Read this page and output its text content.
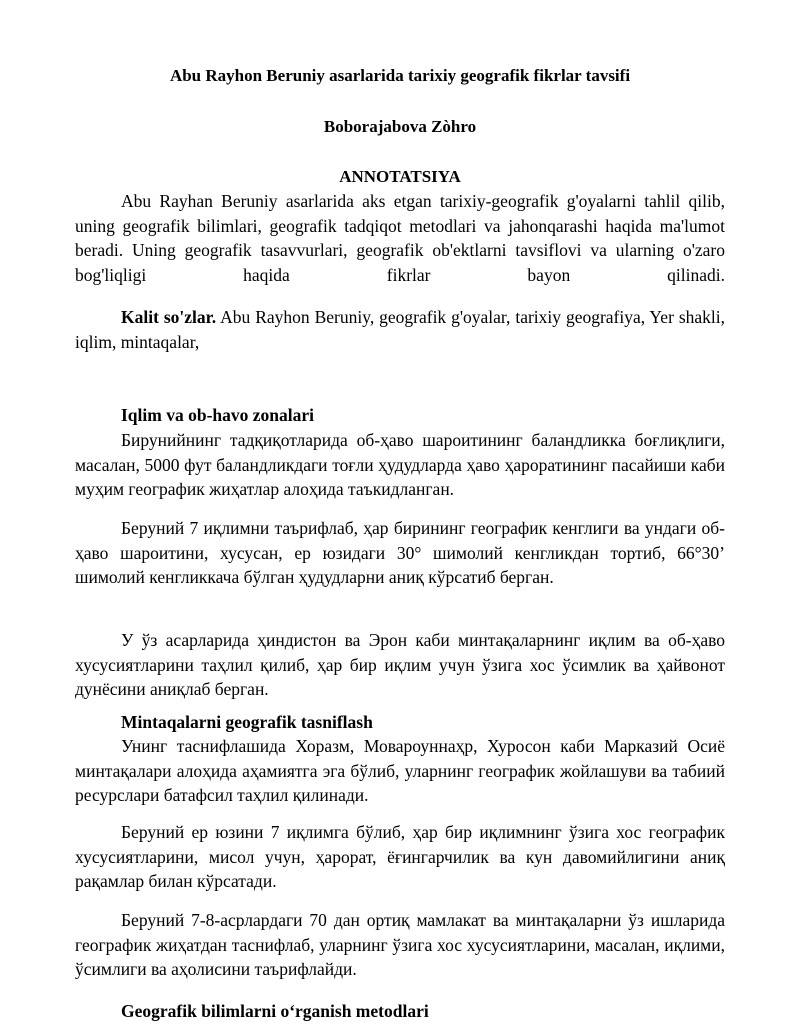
Abu Rayhon Beruniy asarlarida tarixiy geografik fikrlar tavsifi
Boborajabova Zòhro
ANNOTATSIYA
Abu Rayhan Beruniy asarlarida aks etgan tarixiy-geografik g'oyalarni tahlil qilib, uning geografik bilimlari, geografik tadqiqot metodlari va jahonqarashi haqida ma'lumot beradi. Uning geografik tasavvurlari, geografik ob'ektlarni tavsiflovi va ularning o'zaro bog'liqligi haqida fikrlar bayon qilinadi.
Kalit so'zlar. Abu Rayhon Beruniy, geografik g'oyalar, tarixiy geografiya, Yer shakli, iqlim, mintaqalar,
Iqlim va ob-havo zonalari
Бирунийнинг тадқиқотларида об-ҳаво шароитининг баландликка боғлиқлиги, масалан, 5000 фут баландликдаги тоғли ҳудудларда ҳаво ҳароратининг пасайиши каби муҳим географик жиҳатлар алоҳида таъкидланган.
Беруний 7 иқлимни таърифлаб, ҳар бирининг географик кенглиги ва ундаги об-ҳаво шароитини, хусусан, ер юзидаги 30° шимолий кенгликдан тортиб, 66°30’ шимолий кенгликкача бўлган ҳудудларни аниқ кўрсатиб берган.
У ўз асарларида ҳиндистон ва Эрон каби минтақаларнинг иқлим ва об-ҳаво хусусиятларини таҳлил қилиб, ҳар бир иқлим учун ўзига хос ўсимлик ва ҳайвонот дунёсини аниқлаб берган.
Mintaqalarni geografik tasniflash
Унинг таснифлашида Хоразм, Мовароуннаҳр, Хуросон каби Марказий Осиё минтақалари алоҳида аҳамиятга эга бўлиб, уларнинг географик жойлашуви ва табиий ресурслари батафсил таҳлил қилинади.
Беруний ер юзини 7 иқлимга бўлиб, ҳар бир иқлимнинг ўзига хос географик хусусиятларини, мисол учун, ҳарорат, ёғингарчилик ва кун давомийлигини аниқ рақамлар билан кўрсатади.
Беруний 7-8-асрлардаги 70 дан ортиқ мамлакат ва минтақаларни ўз ишларида географик жиҳатдан таснифлаб, уларнинг ўзига хос хусусиятларини, масалан, иқлими, ўсимлиги ва аҳолисини таърифлайди.
Geografik bilimlarni oʻrganish metodlari
